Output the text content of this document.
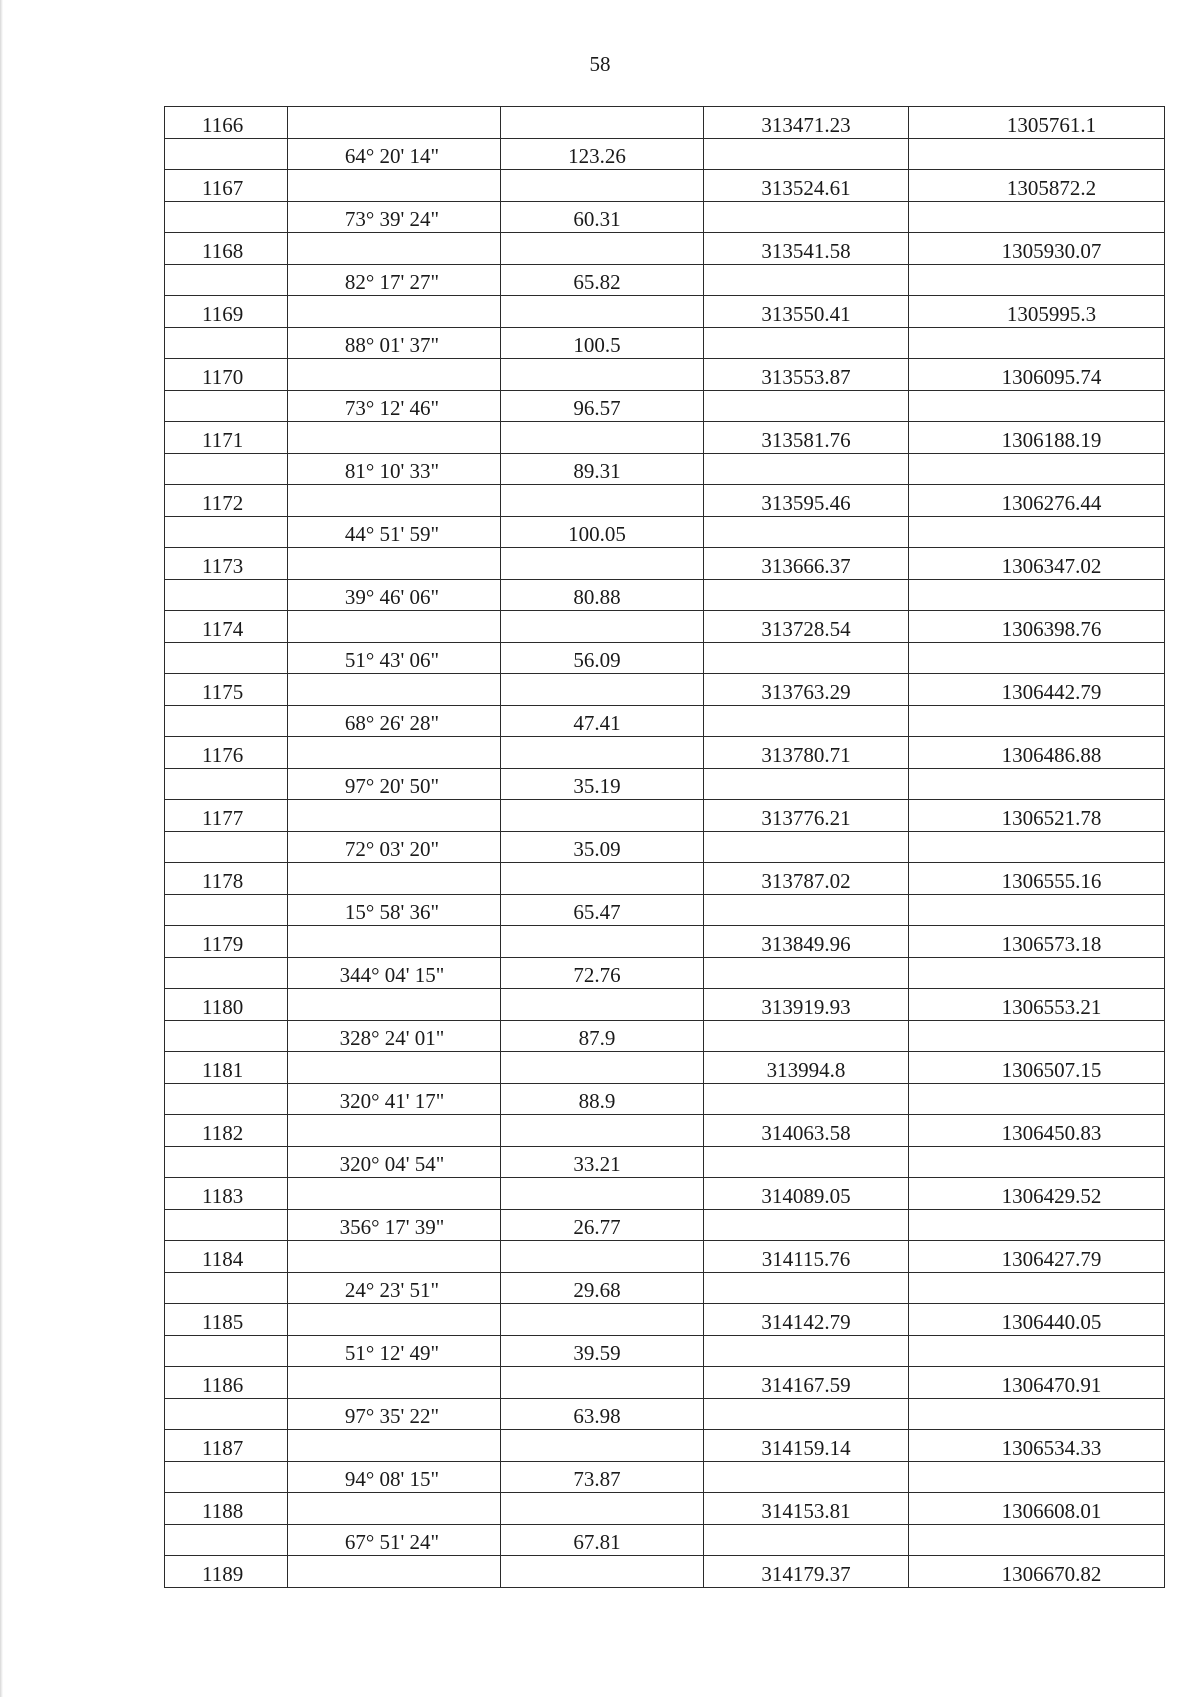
58
1166			313471.23	1305761.1

	64° 20' 14"	123.26		

1167			313524.61	1305872.2

	73° 39' 24"	60.31		

1168			313541.58	1305930.07

	82° 17' 27"	65.82		

1169			313550.41	1305995.3

	88° 01' 37"	100.5		

1170			313553.87	1306095.74

	73° 12' 46"	96.57		

1171			313581.76	1306188.19

	81° 10' 33"	89.31		

1172			313595.46	1306276.44

	44° 51' 59"	100.05		

1173			313666.37	1306347.02

	39° 46' 06"	80.88		

1174			313728.54	1306398.76

	51° 43' 06"	56.09		

1175			313763.29	1306442.79

	68° 26' 28"	47.41		

1176			313780.71	1306486.88

	97° 20' 50"	35.19		

1177			313776.21	1306521.78

	72° 03' 20"	35.09		

1178			313787.02	1306555.16

	15° 58' 36"	65.47		

1179			313849.96	1306573.18

	344° 04' 15"	72.76		

1180			313919.93	1306553.21

	328° 24' 01"	87.9		

1181			313994.8	1306507.15

	320° 41' 17"	88.9		

1182			314063.58	1306450.83

	320° 04' 54"	33.21		

1183			314089.05	1306429.52

	356° 17' 39"	26.77		

1184			314115.76	1306427.79

	24° 23' 51"	29.68		

1185			314142.79	1306440.05

	51° 12' 49"	39.59		

1186			314167.59	1306470.91

	97° 35' 22"	63.98		

1187			314159.14	1306534.33

	94° 08' 15"	73.87		

1188			314153.81	1306608.01

	67° 51' 24"	67.81		

1189			314179.37	1306670.82
